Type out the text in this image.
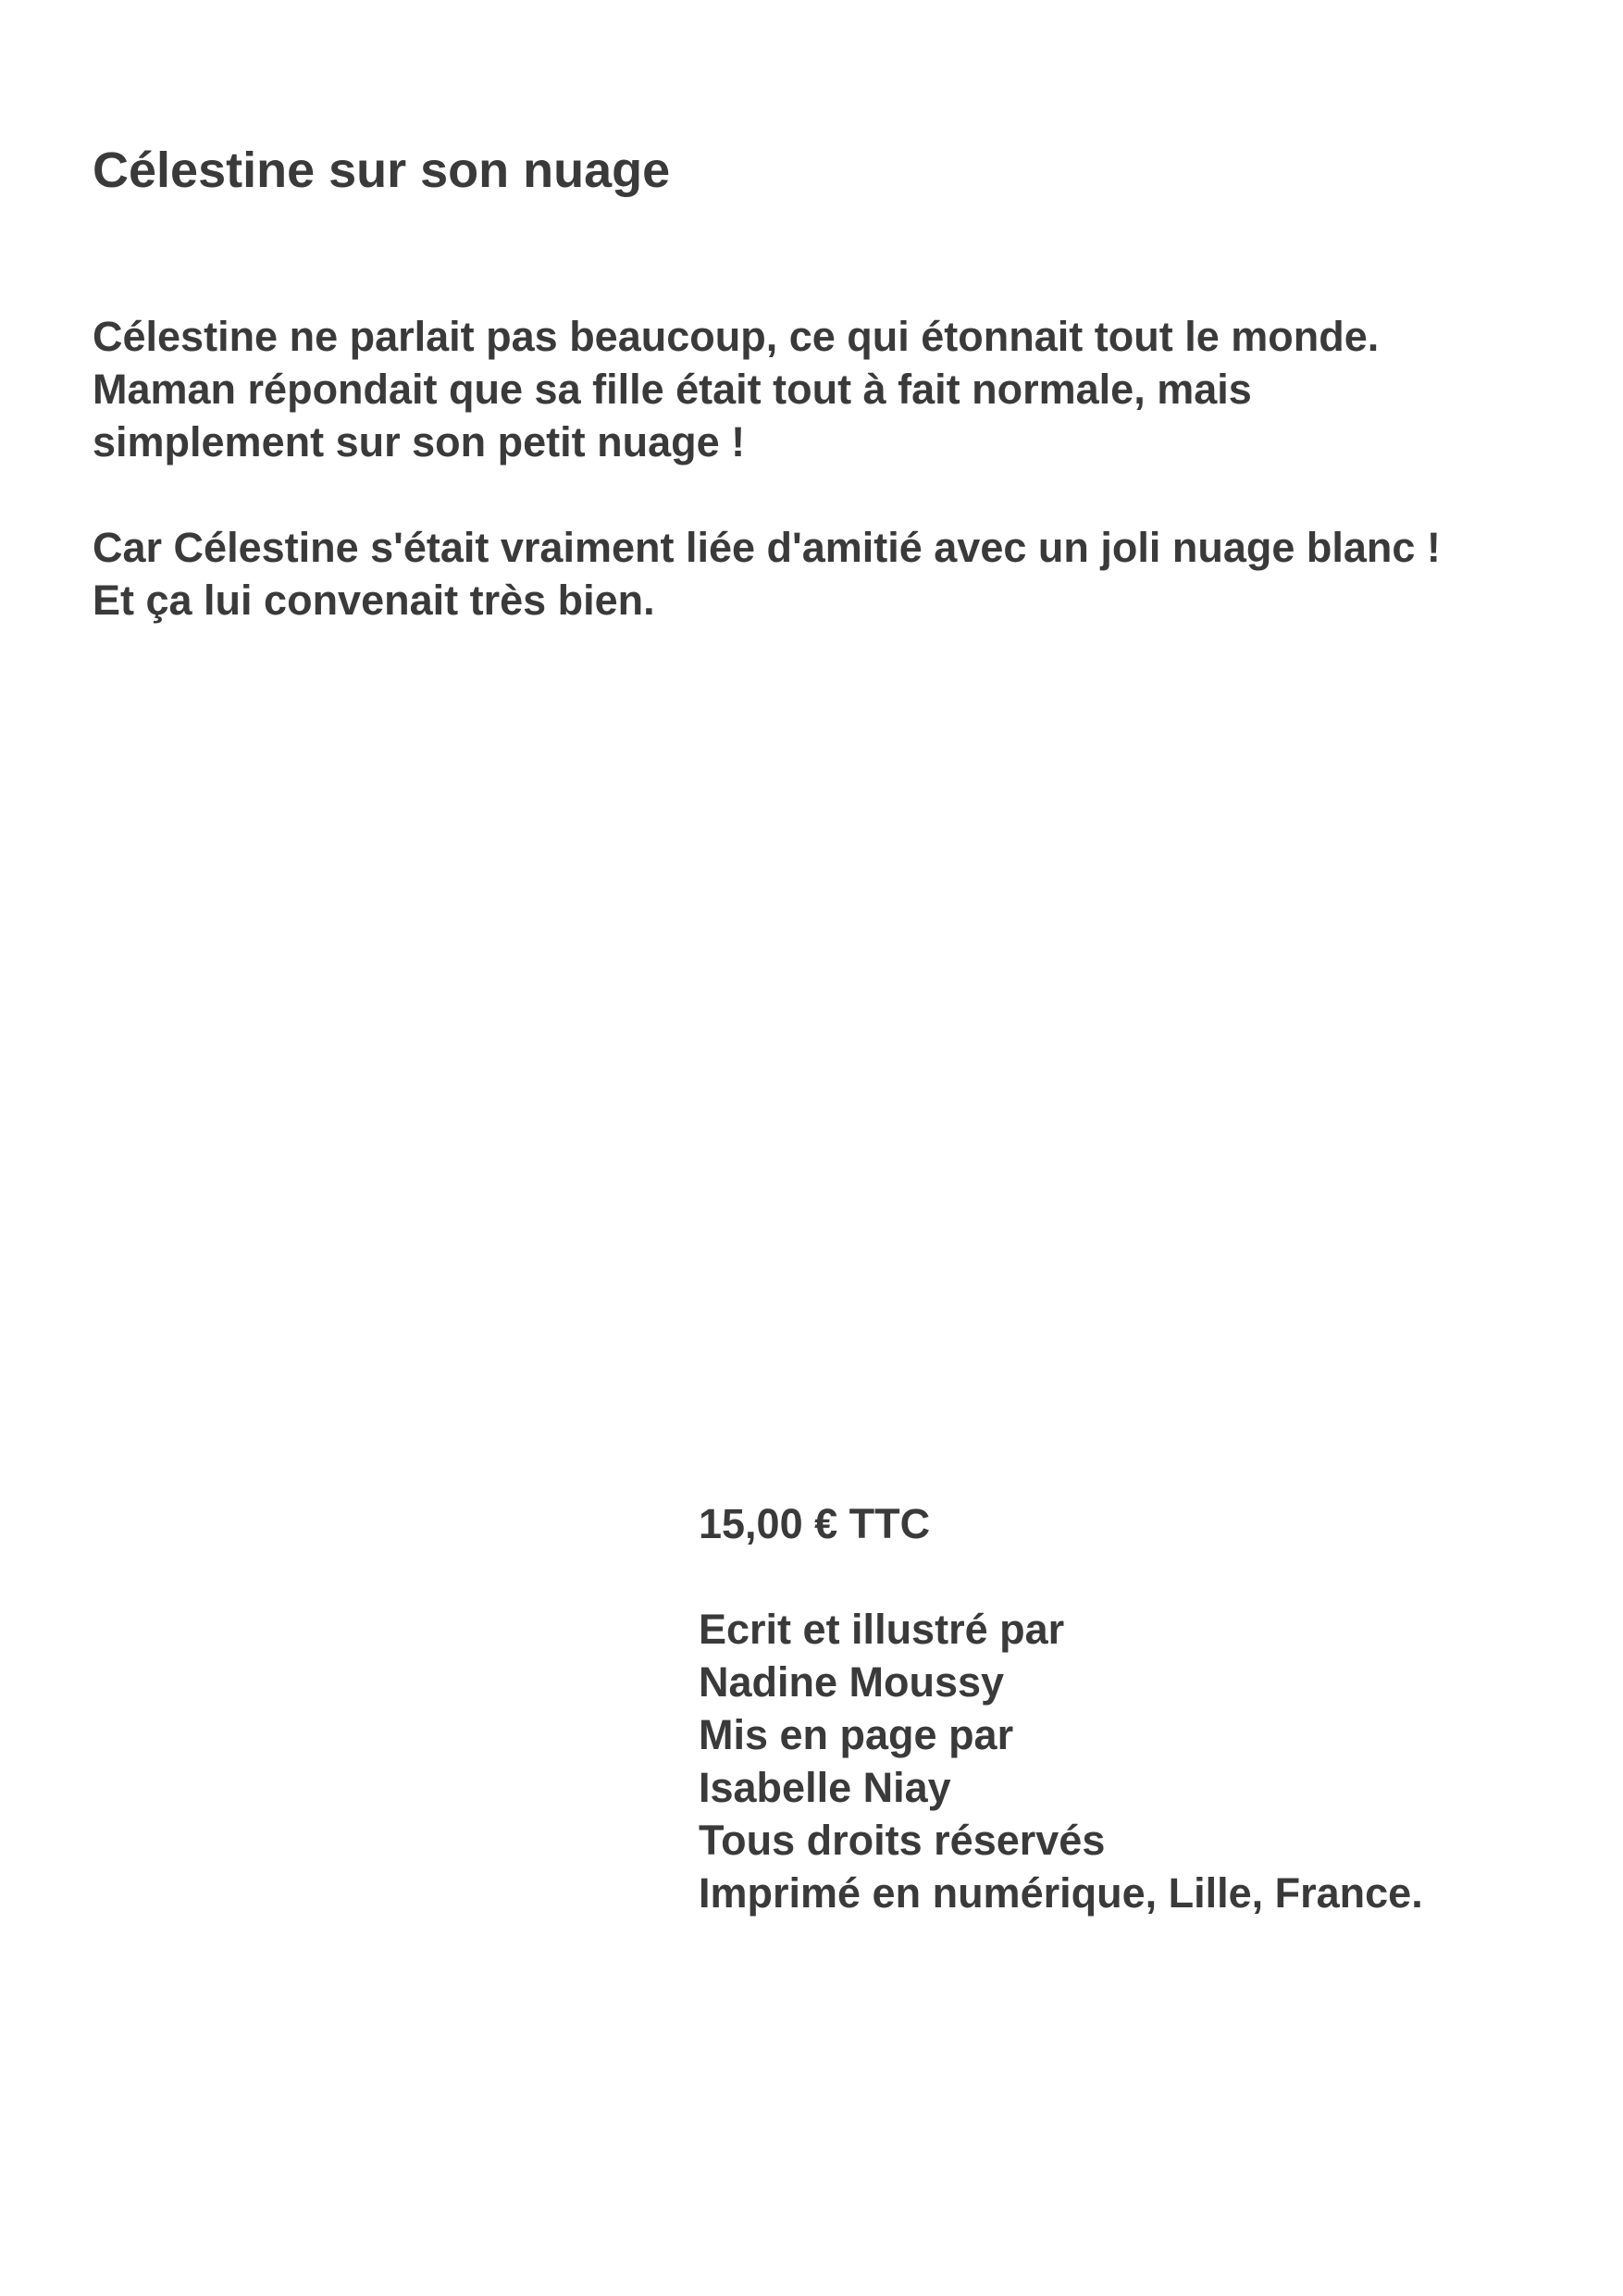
Célestine sur son nuage

Célestine ne parlait pas beaucoup, ce qui étonnait tout le monde. Maman répondait que sa fille était tout à fait normale, mais simplement sur son petit nuage !

Car Célestine s'était vraiment liée d'amitié avec un joli nuage blanc ! Et ça lui convenait très bien.

15,00 € TTC

Ecrit et illustré par

Nadine Moussy

Mis en page par

Isabelle Niay

Tous droits réservés

Imprimé en numérique, Lille, France.
